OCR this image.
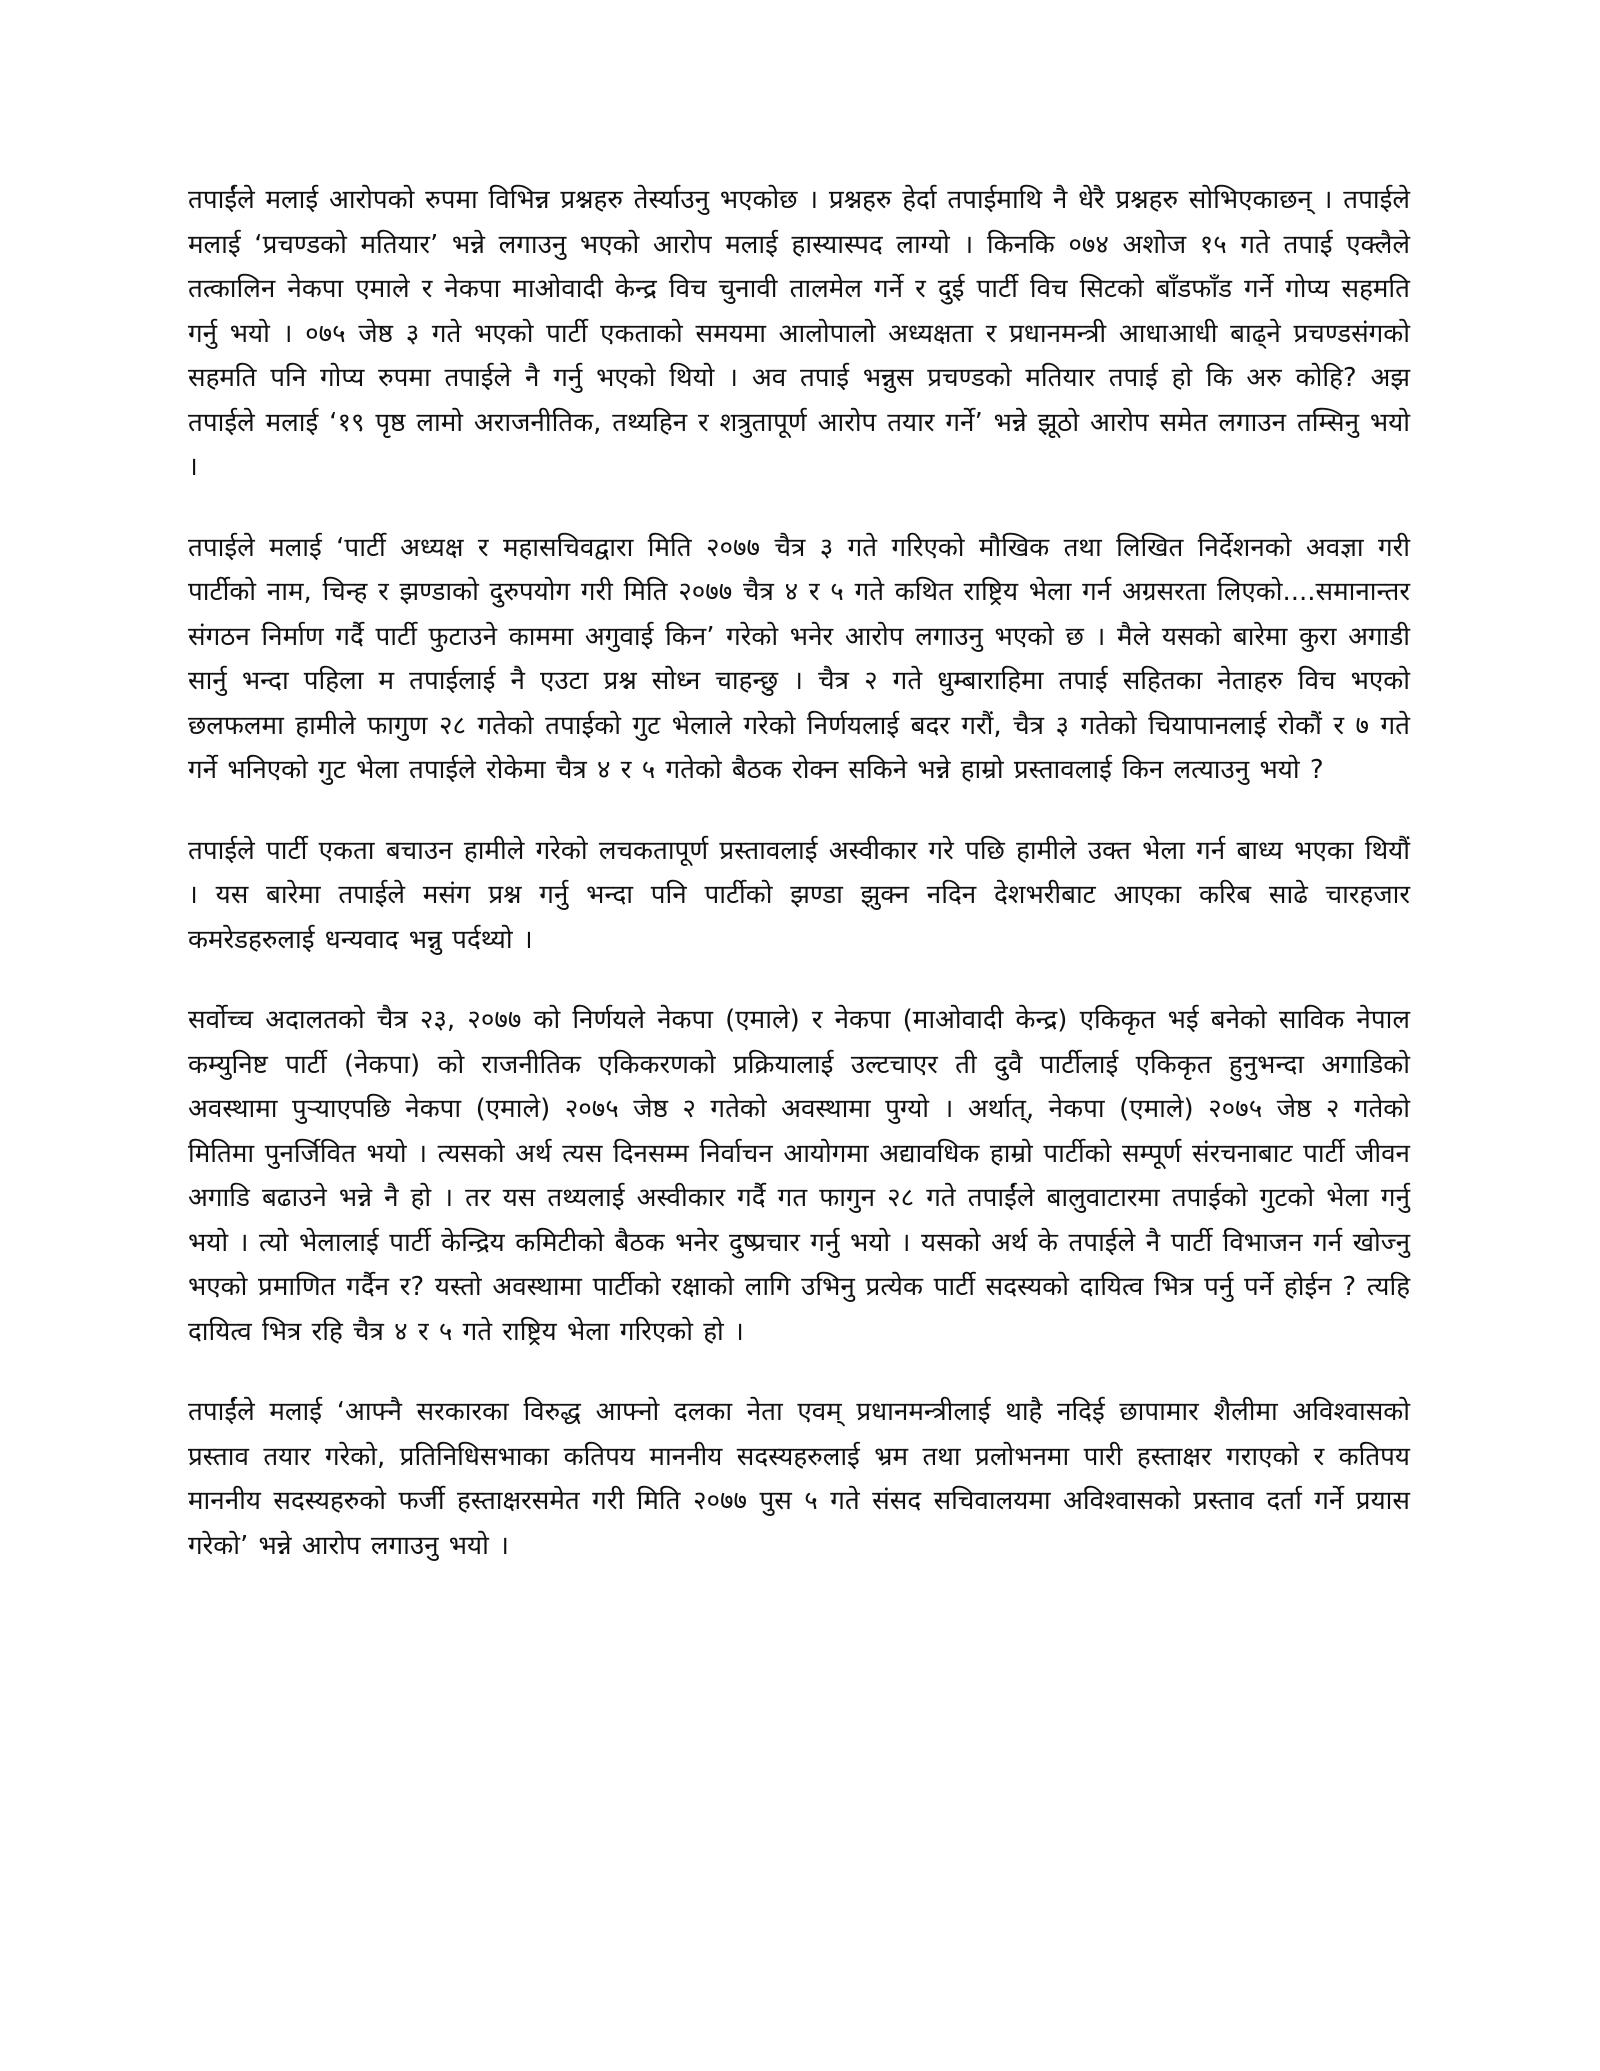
तपाईंले मलाई आरोपको रुपमा विभिन्न प्रश्नहरु तेर्स्याउनु भएकोछ । प्रश्नहरु हेर्दा तपाईमाथि नै धेरै प्रश्नहरु सोभिएकाछन् । तपाईले मलाई ‘प्रचण्डको मतियार’ भन्ने लगाउनु भएको आरोप मलाई हास्यास्पद लाग्यो । किनकि ०७४ अशोज १५ गते तपाई एक्लैले तत्कालिन नेकपा एमाले र नेकपा माओवादी केन्द्र विच चुनावी तालमेल गर्ने र दुई पार्टी विच सिटको बाँडफाँड गर्ने गोप्य सहमति गर्नु भयो । ०७५ जेष्ठ ३ गते भएको पार्टी एकताको समयमा आलोपालो अध्यक्षता र प्रधानमन्त्री आधाआधी बाढ्ने प्रचण्डसंगको सहमति पनि गोप्य रुपमा तपाईले नै गर्नु भएको थियो । अव तपाई भन्नुस प्रचण्डको मतियार तपाई हो कि अरु कोहि? अझ तपाईले मलाई ‘१९ पृष्ठ लामो अराजनीतिक, तथ्यहिन र शत्रुतापूर्ण आरोप तयार गर्ने’ भन्ने झूठो आरोप समेत लगाउन तम्सिनु भयो ।

तपाईले मलाई ‘पार्टी अध्यक्ष र महासचिवद्वारा मिति २०७७ चैत्र ३ गते गरिएको मौखिक तथा लिखित निर्देशनको अवज्ञा गरी पार्टीको नाम, चिन्ह र झण्डाको दुरुपयोग गरी मिति २०७७ चैत्र ४ र ५ गते कथित राष्ट्रिय भेला गर्न अग्रसरता लिएको....समानान्तर संगठन निर्माण गर्दै पार्टी फुटाउने काममा अगुवाई किन’ गरेको भनेर आरोप लगाउनु भएको छ । मैले यसको बारेमा कुरा अगाडी सार्नु भन्दा पहिला म तपाईलाई नै एउटा प्रश्न सोध्न चाहन्छु । चैत्र २ गते धुम्बाराहिमा तपाई सहितका नेताहरु विच भएको छलफलमा हामीले फागुण २८ गतेको तपाईको गुट भेलाले गरेको निर्णयलाई बदर गरौं, चैत्र ३ गतेको चियापानलाई रोकौं र ७ गते गर्ने भनिएको गुट भेला तपाईले रोकेमा चैत्र ४ र ५ गतेको बैठक रोक्न सकिने भन्ने हाम्रो प्रस्तावलाई किन लत्याउनु भयो ?

तपाईले पार्टी एकता बचाउन हामीले गरेको लचकतापूर्ण प्रस्तावलाई अस्वीकार गरे पछि हामीले उक्त भेला गर्न बाध्य भएका थियौं । यस बारेमा तपाईले मसंग प्रश्न गर्नु भन्दा पनि पार्टीको झण्डा झुक्न नदिन देशभरीबाट आएका करिब साढे चारहजार कमरेडहरुलाई धन्यवाद भन्नु पर्दथ्यो ।

सर्वोच्च अदालतको चैत्र २३, २०७७ को निर्णयले नेकपा (एमाले) र नेकपा (माओवादी केन्द्र) एकिकृत भई बनेको साविक नेपाल कम्युनिष्ट पार्टी (नेकपा) को राजनीतिक एकिकरणको प्रक्रियालाई उल्टचाएर ती दुवै पार्टीलाई एकिकृत हुनुभन्दा अगाडिको अवस्थामा पुऱ्याएपछि नेकपा (एमाले) २०७५ जेष्ठ २ गतेको अवस्थामा पुग्यो । अर्थात्, नेकपा (एमाले) २०७५ जेष्ठ २ गतेको मितिमा पुनर्जिवित भयो । त्यसको अर्थ त्यस दिनसम्म निर्वाचन आयोगमा अद्यावधिक हाम्रो पार्टीको सम्पूर्ण संरचनाबाट पार्टी जीवन अगाडि बढाउने भन्ने नै हो । तर यस तथ्यलाई अस्वीकार गर्दै गत फागुन २८ गते तपाईंले बालुवाटारमा तपाईको गुटको भेला गर्नु भयो । त्यो भेलालाई पार्टी केन्द्रिय कमिटीको बैठक भनेर दुष्प्रचार गर्नु भयो । यसको अर्थ के तपाईले नै पार्टी विभाजन गर्न खोज्नु भएको प्रमाणित गर्दैन र? यस्तो अवस्थामा पार्टीको रक्षाको लागि उभिनु प्रत्येक पार्टी सदस्यको दायित्व भित्र पर्नु पर्ने होईन ? त्यहि दायित्व भित्र रहि चैत्र ४ र ५ गते राष्ट्रिय भेला गरिएको हो ।

तपाईंले मलाई ‘आफ्नै सरकारका विरुद्ध आफ्नो दलका नेता एवम् प्रधानमन्त्रीलाई थाहै नदिई छापामार शैलीमा अविश्वासको प्रस्ताव तयार गरेको, प्रतिनिधिसभाका कतिपय माननीय सदस्यहरुलाई भ्रम तथा प्रलोभनमा पारी हस्ताक्षर गराएको र कतिपय माननीय सदस्यहरुको फर्जी हस्ताक्षरसमेत गरी मिति २०७७ पुस ५ गते संसद सचिवालयमा अविश्वासको प्रस्ताव दर्ता गर्ने प्रयास गरेको’ भन्ने आरोप लगाउनु भयो ।
